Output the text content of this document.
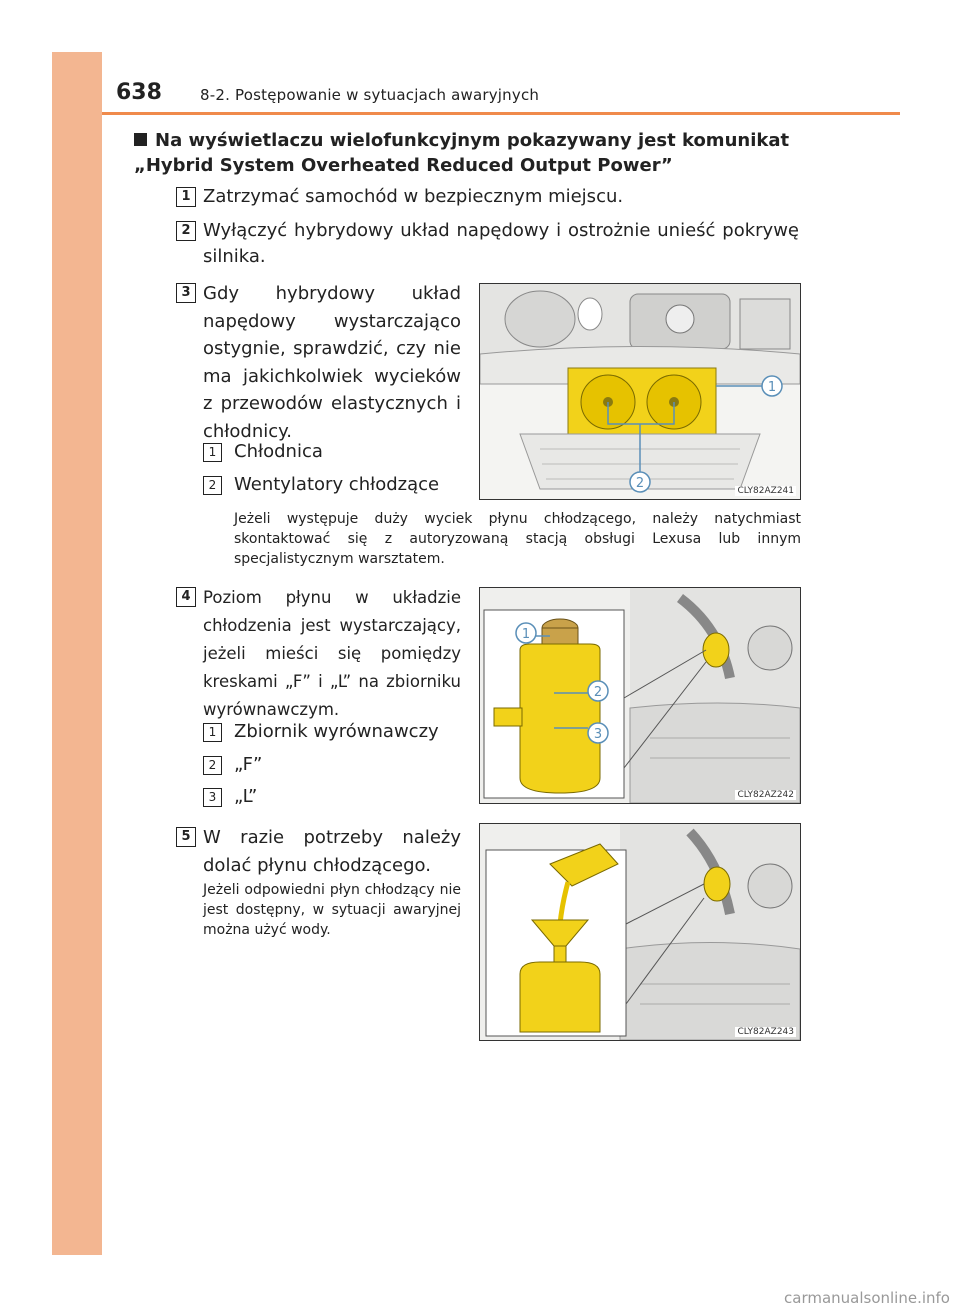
638	8-2. Postępowanie w sytuacjach awaryjnych
Na wyświetlaczu wielofunkcyjnym pokazywany jest komunikat „Hybrid System Overheated Reduced Output Power”
1 Zatrzymać samochód w bezpiecznym miejscu.
2 Wyłączyć hybrydowy układ napędowy i ostrożnie unieść pokrywę silnika.
3 Gdy hybrydowy układ napędowy wystarczająco ostygnie, sprawdzić, czy nie ma jakichkolwiek wycieków z przewodów elastycznych i chłodnicy.
1 Chłodnica
2 Wentylatory chłodzące
1
2	CLY82AZ241
Jeżeli występuje duży wyciek płynu chłodzącego, należy natychmiast skontaktować się z autoryzowaną stacją obsługi Lexusa lub innym specjalistycznym warsztatem.
4 Poziom płynu w układzie chłodzenia jest wystarczający, jeżeli mieści się pomiędzy kreskami „F” i „L” na zbiorniku wyrównawczym.
1 Zbiornik wyrównawczy
2 „F”
3 „L”
1
2
3
CLY82AZ242
5 W razie potrzeby należy dolać płynu chłodzącego.
Jeżeli odpowiedni płyn chłodzący nie jest dostępny, w sytuacji awaryjnej można użyć wody.
CLY82AZ243
carmanualsonline.info
